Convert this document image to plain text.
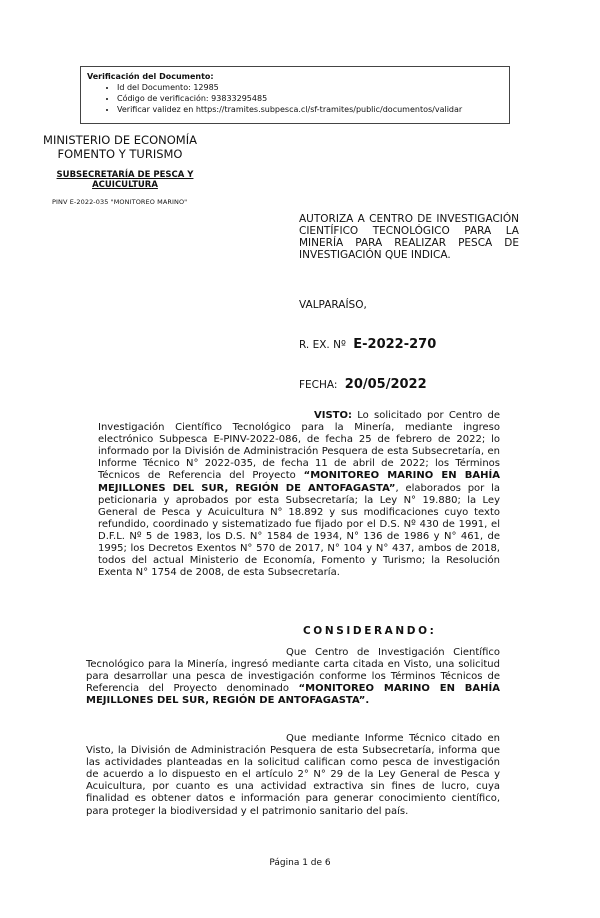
Verificación del Documento:
• Id del Documento: 12985
• Código de verificación: 93833295485
• Verificar validez en https://tramites.subpesca.cl/sf-tramites/public/documentos/validar
MINISTERIO DE ECONOMÍA
FOMENTO Y TURISMO
SUBSECRETARÍA DE PESCA Y
ACUICULTURA
PINV E-2022-035 "MONITOREO MARINO"
AUTORIZA A CENTRO DE INVESTIGACIÓN CIENTÍFICO TECNOLÓGICO PARA LA MINERÍA PARA REALIZAR PESCA DE INVESTIGACIÓN QUE INDICA.
VALPARAÍSO,
R. EX. Nº E-2022-270
FECHA: 20/05/2022
VISTO: Lo solicitado por Centro de Investigación Científico Tecnológico para la Minería, mediante ingreso electrónico Subpesca E-PINV-2022-086, de fecha 25 de febrero de 2022; lo informado por la División de Administración Pesquera de esta Subsecretaría, en Informe Técnico N° 2022-035, de fecha 11 de abril de 2022; los Términos Técnicos de Referencia del Proyecto “MONITOREO MARINO EN BAHÍA MEJILLONES DEL SUR, REGIÓN DE ANTOFAGASTA”, elaborados por la peticionaria y aprobados por esta Subsecretaría; la Ley N° 19.880; la Ley General de Pesca y Acuicultura N° 18.892 y sus modificaciones cuyo texto refundido, coordinado y sistematizado fue fijado por el D.S. Nº 430 de 1991, el D.F.L. Nº 5 de 1983, los D.S. N° 1584 de 1934, N° 136 de 1986 y N° 461, de 1995; los Decretos Exentos N° 570 de 2017, N° 104 y N° 437, ambos de 2018, todos del actual Ministerio de Economía, Fomento y Turismo; la Resolución Exenta N° 1754 de 2008, de esta Subsecretaría.
CONSIDERANDO:
Que Centro de Investigación Científico Tecnológico para la Minería, ingresó mediante carta citada en Visto, una solicitud para desarrollar una pesca de investigación conforme los Términos Técnicos de Referencia del Proyecto denominado “MONITOREO MARINO EN BAHÍA MEJILLONES DEL SUR, REGIÓN DE ANTOFAGASTA”.
Que mediante Informe Técnico citado en Visto, la División de Administración Pesquera de esta Subsecretaría, informa que las actividades planteadas en la solicitud califican como pesca de investigación de acuerdo a lo dispuesto en el artículo 2° N° 29 de la Ley General de Pesca y Acuicultura, por cuanto es una actividad extractiva sin fines de lucro, cuya finalidad es obtener datos e información para generar conocimiento científico, para proteger la biodiversidad y el patrimonio sanitario del país.
Página 1 de 6
